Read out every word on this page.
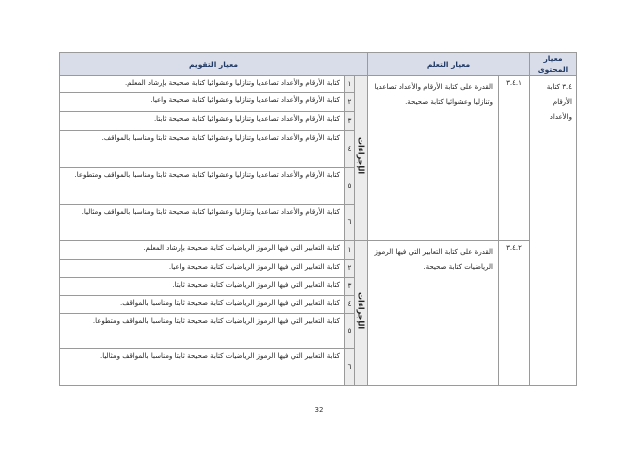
معيار المحتوى	معيار التعلم		معيار التقويم		
٣.٤ كتابة الأرقام والأعداد	٣.٤.١	القدرة على كتابة الأرقام والأعداد تصاعديا وتنازليا وعشوائيا كتابة صحيحة.	الإجراءات	١	كتابة الأرقام والأعداد تصاعديا وتنازليا وعشوائيا كتابة صحيحة بإرشاد المعلم.
				٢	كتابة الأرقام والأعداد تصاعديا وتنازليا وعشوائيا كتابة صحيحة واعيا.
				٣	كتابة الأرقام والأعداد تصاعديا وتنازليا وعشوائيا كتابة صحيحة ثابتا.
				٤	كتابة الأرقام والأعداد تصاعديا وتنازليا وعشوائيا كتابة صحيحة ثابتا ومناسبا بالمواقف.
				٥	كتابة الأرقام والأعداد تصاعديا وتنازليا وعشوائيا كتابة صحيحة ثابتا ومناسبا بالمواقف ومتطوعا.
				٦	كتابة الأرقام والأعداد تصاعديا وتنازليا وعشوائيا كتابة صحيحة ثابتا ومناسبا بالمواقف ومثاليا.
	٣.٤.٢	القدرة على كتابة التعابير التي فيها الرموز الرياضيات كتابة صحيحة.	الإجراءات	١	كتابة التعابير التي فيها الرموز الرياضيات كتابة صحيحة بإرشاد المعلم.
				٢	كتابة التعابير التي فيها الرموز الرياضيات كتابة صحيحة واعيا.
				٣	كتابة التعابير التي فيها الرموز الرياضيات كتابة صحيحة ثابتا.
				٤	كتابة التعابير التي فيها الرموز الرياضيات كتابة صحيحة ثابتا ومناسبا بالمواقف.
				٥	كتابة التعابير التي فيها الرموز الرياضيات كتابة صحيحة ثابتا ومناسبا بالمواقف ومتطوعا.
				٦	كتابة التعابير التي فيها الرموز الرياضيات كتابة صحيحة ثابتا ومناسبا بالمواقف ومثاليا.
32
